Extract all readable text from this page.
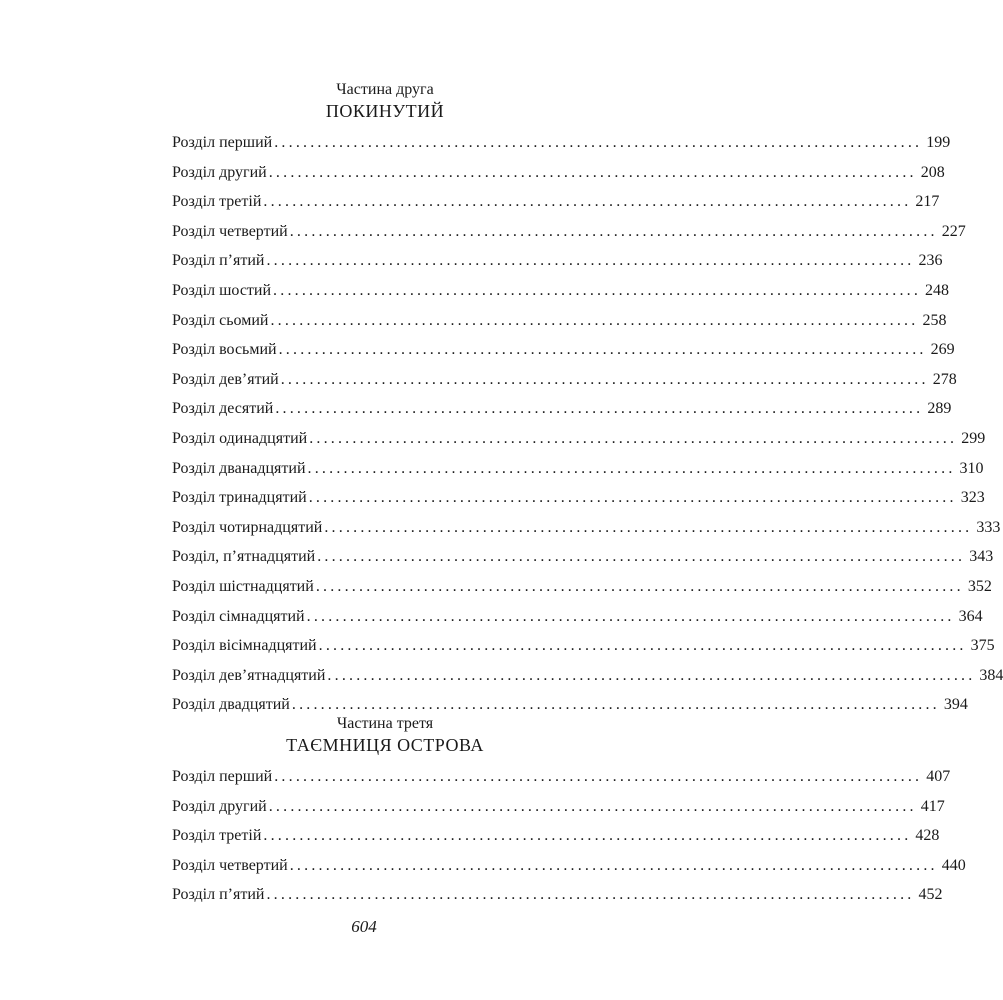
Частина друга
ПОКИНУТИЙ
Розділ перший .......................................................................................... 199
Розділ другий .......................................................................................... 208
Розділ третій .......................................................................................... 217
Розділ четвертий .......................................................................................... 227
Розділ п’ятий .......................................................................................... 236
Розділ шостий .......................................................................................... 248
Розділ сьомий .......................................................................................... 258
Розділ восьмий .......................................................................................... 269
Розділ дев’ятий .......................................................................................... 278
Розділ десятий .......................................................................................... 289
Розділ одинадцятий .......................................................................................... 299
Розділ дванадцятий .......................................................................................... 310
Розділ тринадцятий .......................................................................................... 323
Розділ чотирнадцятий .......................................................................................... 333
Розділ, п’ятнадцятий .......................................................................................... 343
Розділ шістнадцятий .......................................................................................... 352
Розділ сімнадцятий .......................................................................................... 364
Розділ вісімнадцятий .......................................................................................... 375
Розділ дев’ятнадцятий .......................................................................................... 384
Розділ двадцятий .......................................................................................... 394
Частина третя
ТАЄМНИЦЯ ОСТРОВА
Розділ перший .......................................................................................... 407
Розділ другий .......................................................................................... 417
Розділ третій .......................................................................................... 428
Розділ четвертий .......................................................................................... 440
Розділ п’ятий .......................................................................................... 452
604
